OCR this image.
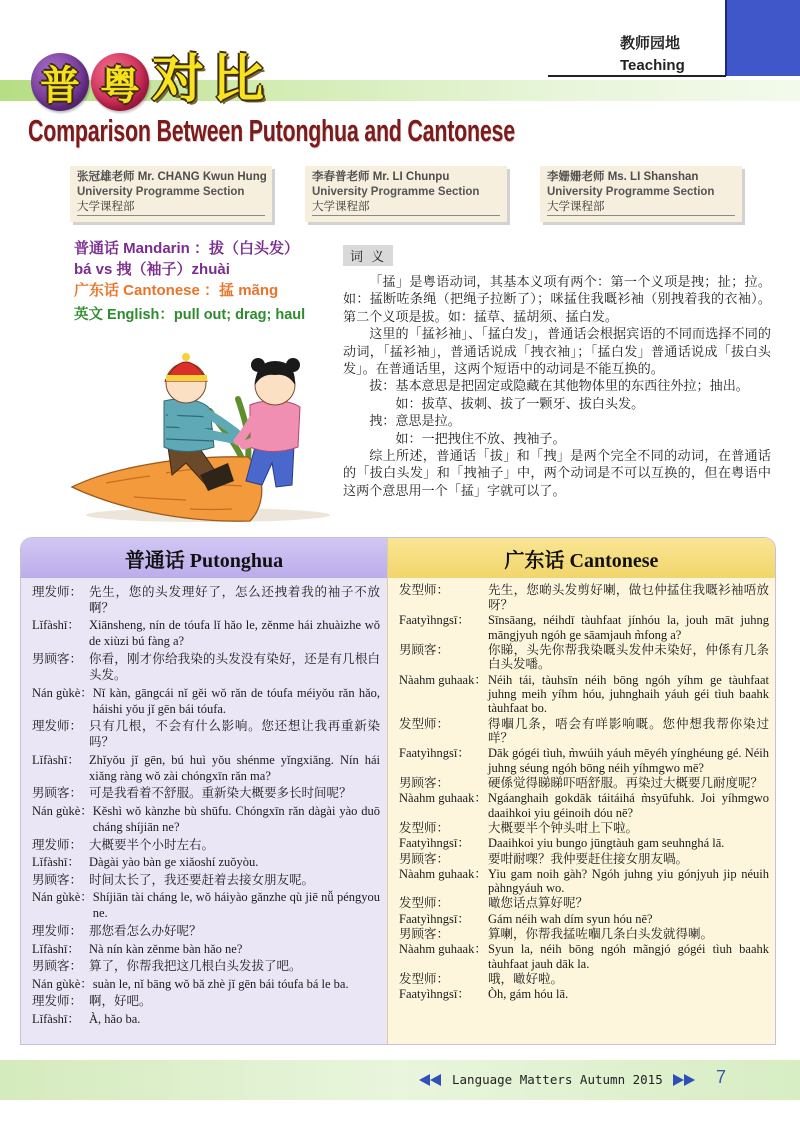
教师园地
Teaching
普 粤 对 比
Comparison Between Putonghua and Cantonese
张冠雄老师 Mr. CHANG Kwun Hung
University Programme Section
大学课程部
李春普老师 Mr. LI Chunpu
University Programme Section
大学课程部
李姗姗老师 Ms. LI Shanshan
University Programme Section
大学课程部
普通话 Mandarin ：拔（白头发）
bá vs 拽（袖子）zhuài
广东话 Cantonese ：掹 mãng
英文 English：pull out; drag; haul
词 义

「掹」是粤语动词，其基本义项有两个：第一个义项是拽；扯；拉。如：掹断咗条绳（把绳子拉断了）；咪掹住我嘅衫袖（别拽着我的衣袖）。第二个义项是拔。如：掹草、掹胡须、掹白发。

这里的「掹衫袖」、「掹白发」，普通话会根据宾语的不同而选择不同的动词，「掹衫袖」，普通话说成「拽衣袖」；「掹白发」普通话说成「拔白头发」。在普通话里，这两个短语中的动词是不能互换的。

拔：基本意思是把固定或隐藏在其他物体里的东西往外拉；抽出。

如：拔草、拔刺、拔了一颗牙、拔白头发。

拽：意思是拉。

如：一把拽住不放、拽袖子。

综上所述，普通话「拔」和「拽」是两个完全不同的动词，在普通话的「拔白头发」和「拽袖子」中，两个动词是不可以互换的，但在粤语中这两个意思用一个「掹」字就可以了。

普通话 Putonghua
理发师： 先生，您的头发理好了，怎么还拽着我的袖子不放啊？
Lǐfàshī： Xiānsheng, nín de tóufa lǐ hǎo le, zěnme hái zhuàizhe wǒ de xiùzi bú fàng a?
男顾客： 你看，刚才你给我染的头发没有染好，还是有几根白头发。
Nán gùkè： Nǐ kàn, gāngcái nǐ gěi wǒ rǎn de tóufa méiyǒu rǎn hǎo, háishi yǒu jǐ gēn bái tóufa.
理发师： 只有几根，不会有什么影响。您还想让我再重新染吗？
Lǐfàshī： Zhǐyǒu jǐ gēn, bú huì yǒu shénme yǐngxiǎng. Nín hái xiǎng ràng wǒ zài chóngxīn rǎn ma?
男顾客： 可是我看着不舒服。重新染大概要多长时间呢？
Nán gùkè： Kěshì wǒ kànzhe bù shūfu. Chóngxīn rǎn dàgài yào duō cháng shíjiān ne?
理发师： 大概要半个小时左右。
Lǐfàshī： Dàgài yào bàn ge xiǎoshí zuǒyòu.
男顾客： 时间太长了，我还要赶着去接女朋友呢。
Nán gùkè： Shíjiān tài cháng le, wǒ háiyào gǎnzhe qù jiē nǚ péngyou ne.
理发师： 那您看怎么办好呢？
Lǐfàshī： Nà nín kàn zěnme bàn hǎo ne?
男顾客： 算了，你帮我把这几根白头发拔了吧。
Nán gùkè： suàn le, nǐ bāng wǒ bǎ zhè jǐ gēn bái tóufa bá le ba.
理发师： 啊，好吧。
Lǐfàshī： À, hǎo ba.
广东话 Cantonese
发型师：	先生，您啲头发剪好喇，做乜仲掹住我嘅衫袖唔放呀？
Faatyìhngsī：	Sīnsāang, néihdī tàuhfaat jínhóu la, jouh māt juhng māngjyuh ngóh ge sāamjauh m̀fong a?
男顾客：	你睇，头先你帮我染嘅头发仲未染好，仲係有几条白头发噃。
Nàahm guhaak： Néih tái, tàuhsīn néih bōng ngóh yíhm ge tàuhfaat juhng meih yíhm hóu, juhnghaih yáuh géi tìuh baahk tàuhfaat bo.
发型师：	得嗰几条，唔会有咩影响嘅。您仲想我帮你染过咩？
Faatyìhngsī：	Dāk gógéi tìuh, m̀wúih yáuh mēyéh yínghéung gé. Néih juhng séung ngóh bōng néih yíhmgwo mē?
男顾客：	硬係觉得睇睇吓唔舒服。再染过大概要几耐度呢？
Nàahm guhaak： Ngáanghaih gokdāk táitáihá m̀syūfuhk. Joi yíhmgwo daaihkoi yiu géinoih dóu nē?
发型师：	大概要半个钟头咁上下啦。
Faatyìhngsī：	Daaihkoi yiu bungo jūngtàuh gam seuhnghá lā.
男顾客：	要咁耐㗎？我仲要赶住接女朋友喎。
Nàahm guhaak： Yiu gam noih gàh? Ngóh juhng yiu gónjyuh jip néuih pàhngyáuh wo.
发型师：	噉您话点算好呢？
Faatyìhngsī：	Gám néih wah dím syun hóu nē?
男顾客：	算喇，你帮我掹咗嗰几条白头发就得喇。
Nàahm guhaak： Syun la, néih bōng ngóh mãngjó gógéi tìuh baahk tàuhfaat jauh dāk la.
发型师：	哦，噉好啦。
Faatyìhngsī：	Òh, gám hóu lā.
Language Matters Autumn 2015	7
